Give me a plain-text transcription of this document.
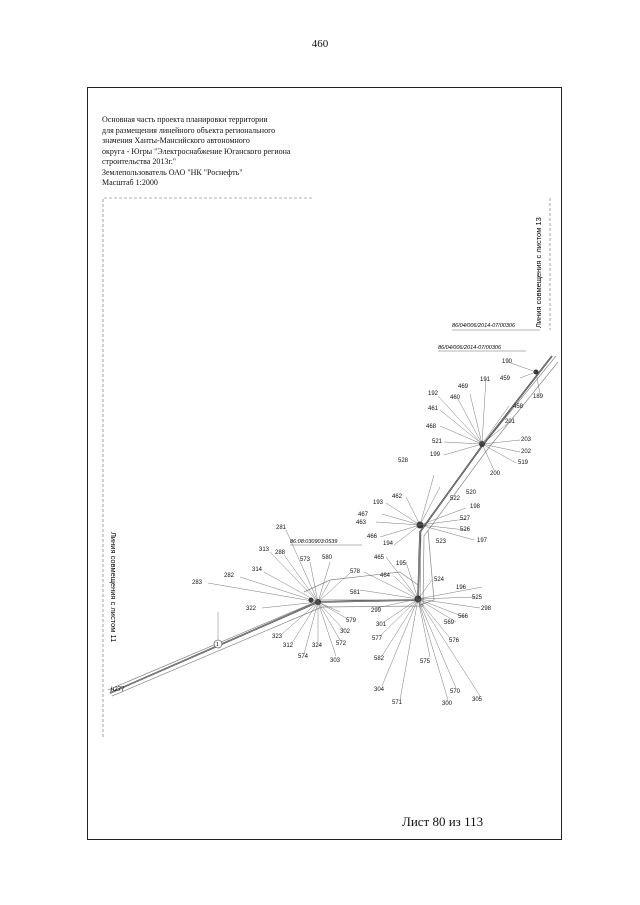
460
Основная часть проекта планировки территории
для размещения линейного объекта регионального
значения Ханты-Мансийского автономного
округа - Югры "Электроснабжение Юганского региона
строительства 2013г."
Землепользователь ОАО "НК "Роснефть"
Масштаб 1:2000
86/04/006/2014-07/00306
86/04/006/2014-07/00306
86:08:030903:0539
Линия совмещения с листом 13
Линия совмещения с листом 11
190
459
189
191
469
458
192
460
201
461
468
203
521
202
199
519
200
528
520
522
462
198
193
467
527
463
526
466
197
194	523
465
464
195
524
196
525
298
566
569
576
575
570
305
300
571
304
582
577
301
299
578
581
580
573
288
281
313
314
282
283
322
323
312	324
574
302
572
579
303
н277
1
Лист 80 из 113
